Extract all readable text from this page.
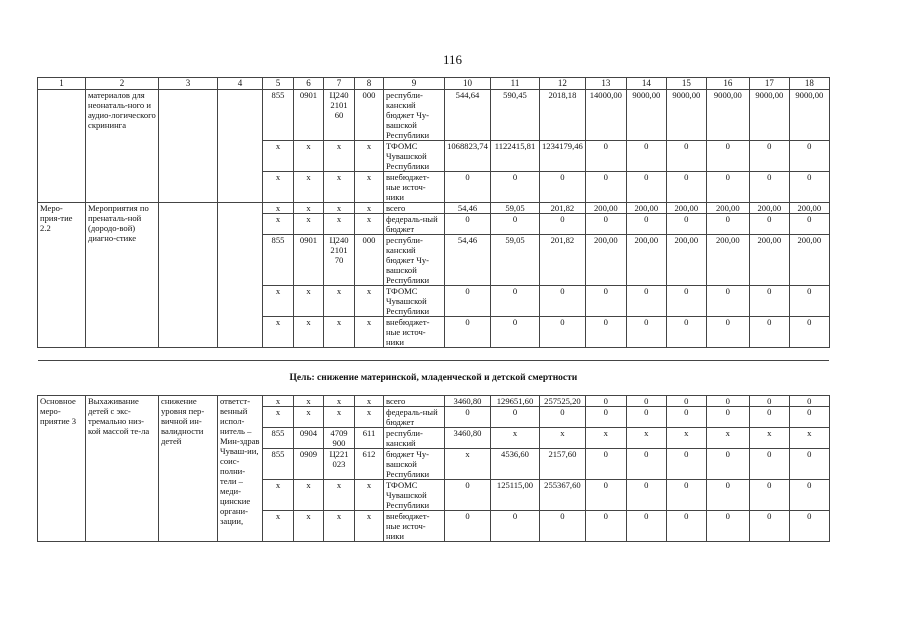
116
1	2	3	4	5	6	7	8	9	10	11	12	13	14	15	16	17	18
	материалов для неонаталь-ного и аудио-логического скрининга			855	0901	Ц240 2101 60	000	республи-канский бюджет Чу-вашской Республики	544,64	590,45	2018,18	14000,00	9000,00	9000,00	9000,00	9000,00	9000,00
				x	x	x	x	ТФОМС Чувашской Республики	1068823,74	1122415,81	1234179,46	0	0	0	0	0	0
				x	x	x	x	внебюджет-ные источ-ники	0	0	0	0	0	0	0	0	0
Меро-прия-тие 2.2	Мероприятия по пренаталь-ной (дородо-вой) диагно-стике			x	x	x	x	всего	54,46	59,05	201,82	200,00	200,00	200,00	200,00	200,00	200,00
				x	x	x	x	федераль-ный бюджет	0	0	0	0	0	0	0	0	0
				855	0901	Ц240 2101 70	000	республи-канский бюджет Чу-вашской Республики	54,46	59,05	201,82	200,00	200,00	200,00	200,00	200,00	200,00
				x	x	x	x	ТФОМС Чувашской Республики	0	0	0	0	0	0	0	0	0
				x	x	x	x	внебюджет-ные источ-ники	0	0	0	0	0	0	0	0	0

Цель: снижение материнской, младенческой и детской смертности																	
Основное меро-приятие 3	Выхаживание детей с экс-тремально низ-кой массой те-ла	снижение уровня пер-вичной ин-валидности детей	ответст-венный испол-нитель – Мин-здрав Чуваш-ии, соис-полни-тели – меди-цинские органи-зации,	x	x	x	x	всего	3460,80	129651,60	257525,20	0	0	0	0	0	0
				x	x	x	x	федераль-ный бюджет	0	0	0	0	0	0	0	0	0
				855	0904	4709 900	611	республи-канский	3460,80	x	x	x	x	x	x	x	x
				855	0909	Ц221 023	612	бюджет Чу-вашской Республики	x	4536,60	2157,60	0	0	0	0	0	0
				x	x	x	x	ТФОМС Чувашской Республики	0	125115,00	255367,60	0	0	0	0	0	0
				x	x	x	x	внебюджет-ные источ-ники	0	0	0	0	0	0	0	0	0
